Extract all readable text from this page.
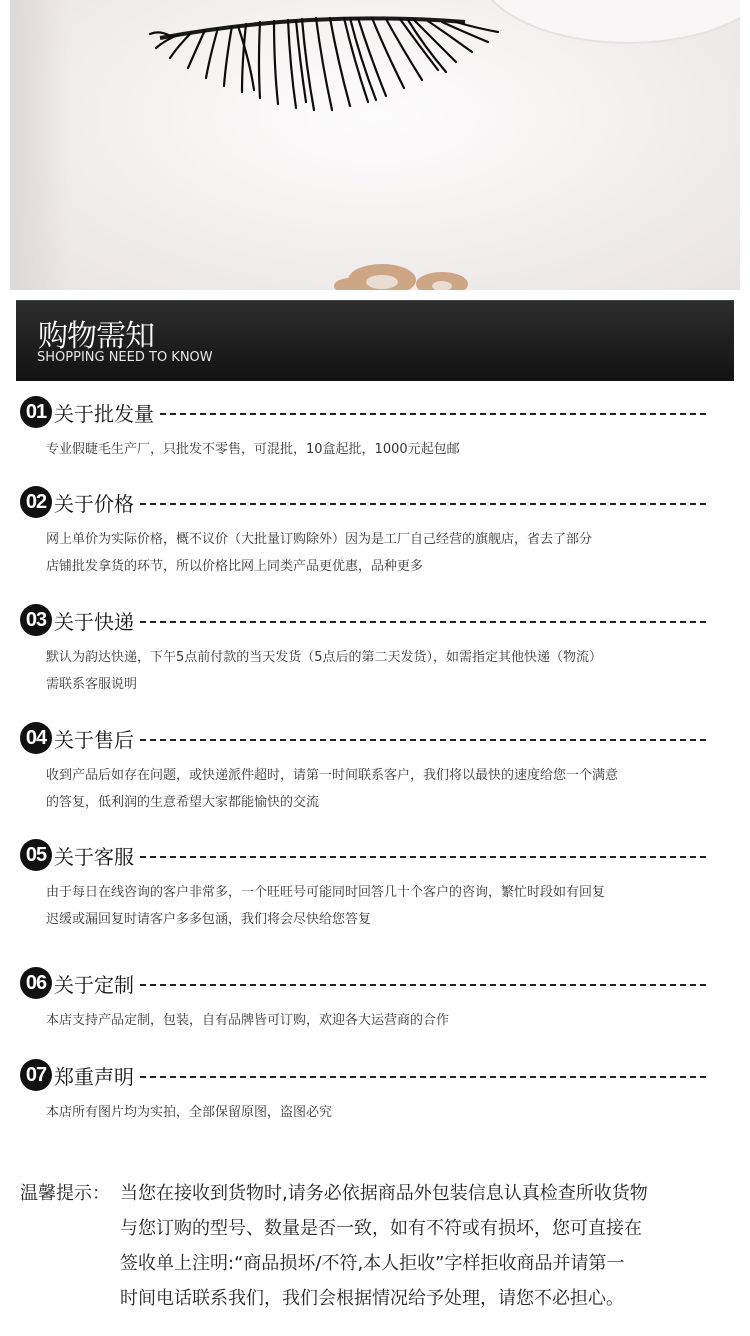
购物需知
SHOPPING NEED TO KNOW
01 关于批发量

专业假睫毛生产厂，只批发不零售，可混批，10盒起批，1000元起包邮

02 关于价格

网上单价为实际价格，概不议价（大批量订购除外）因为是工厂自己经营的旗舰店，省去了部分

店铺批发拿货的环节，所以价格比网上同类产品更优惠，品种更多

03 关于快递

默认为韵达快递，下午5点前付款的当天发货（5点后的第二天发货），如需指定其他快递（物流）

需联系客服说明

04 关于售后

收到产品后如存在问题，或快递派件超时，请第一时间联系客户，我们将以最快的速度给您一个满意

的答复，低利润的生意希望大家都能愉快的交流

05 关于客服

由于每日在线咨询的客户非常多，一个旺旺号可能同时回答几十个客户的咨询，繁忙时段如有回复

迟缓或漏回复时请客户多多包涵，我们将会尽快给您答复

06 关于定制

本店支持产品定制，包装，自有品牌皆可订购，欢迎各大运营商的合作

07 郑重声明

本店所有图片均为实拍，全部保留原图，盗图必究

温馨提示： 当您在接收到货物时,请务必依据商品外包装信息认真检查所收货物

与您订购的型号、数量是否一致，如有不符或有损坏，您可直接在

签收单上注明:“商品损坏/不符,本人拒收”字样拒收商品并请第一

时间电话联系我们，我们会根据情况给予处理，请您不必担心。
